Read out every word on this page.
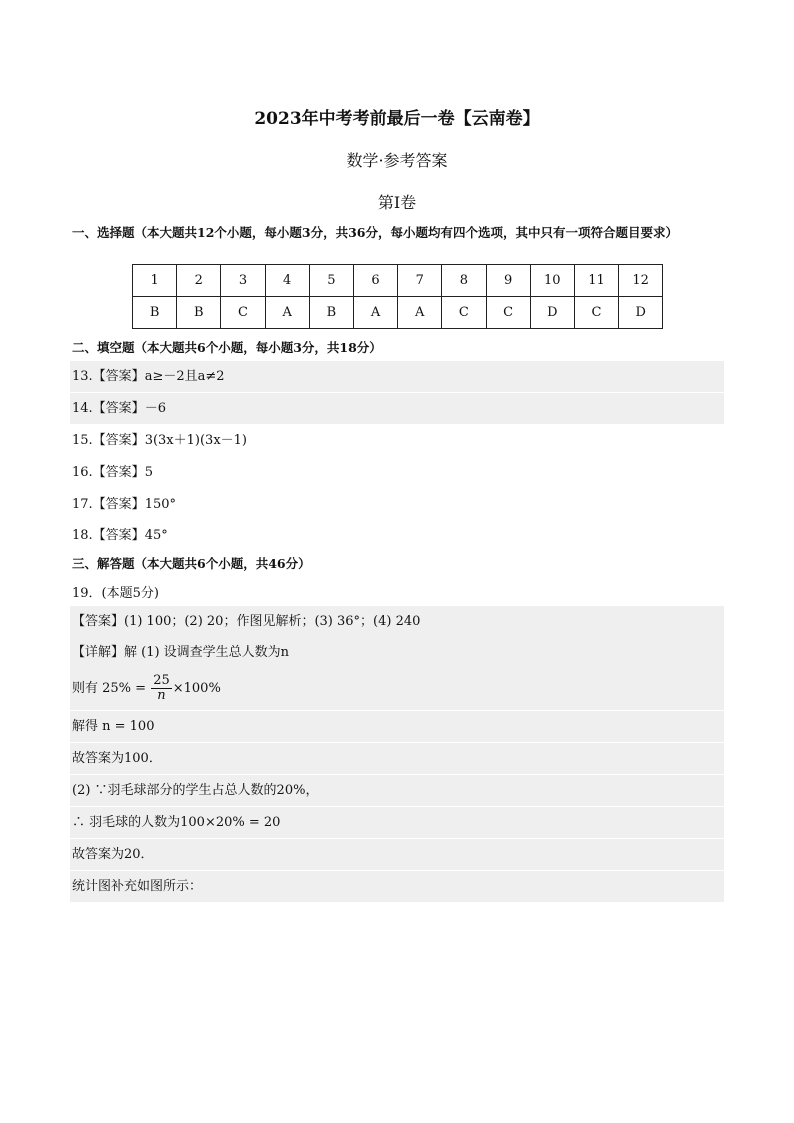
2023年中考考前最后一卷【云南卷】
数学·参考答案
第Ⅰ卷
一、选择题（本大题共12个小题，每小题3分，共36分，每小题均有四个选项，其中只有一项符合题目要求）
1	2	3	4	5	6	7	8	9	10	11	12
B	B	C	A	B	A	A	C	C	D	C	D
二、填空题（本大题共6个小题，每小题3分，共18分）
13.【答案】a≥－2且a≠2
14.【答案】－6
15.【答案】3(3x＋1)(3x－1)
16.【答案】5
17.【答案】150°
18.【答案】45°
三、解答题（本大题共6个小题，共46分）
19．(本题5分)
【答案】(1) 100；(2) 20；作图见解析；(3) 36°；(4) 240
【详解】解 (1) 设调查学生总人数为n
则有 $25\% = \frac{25}{n} \times 100\%$
解得 n = 100
故答案为100．
(2) ∵羽毛球部分的学生占总人数的20%，
∴ 羽毛球的人数为100×20% = 20
故答案为20．
统计图补充如图所示：
